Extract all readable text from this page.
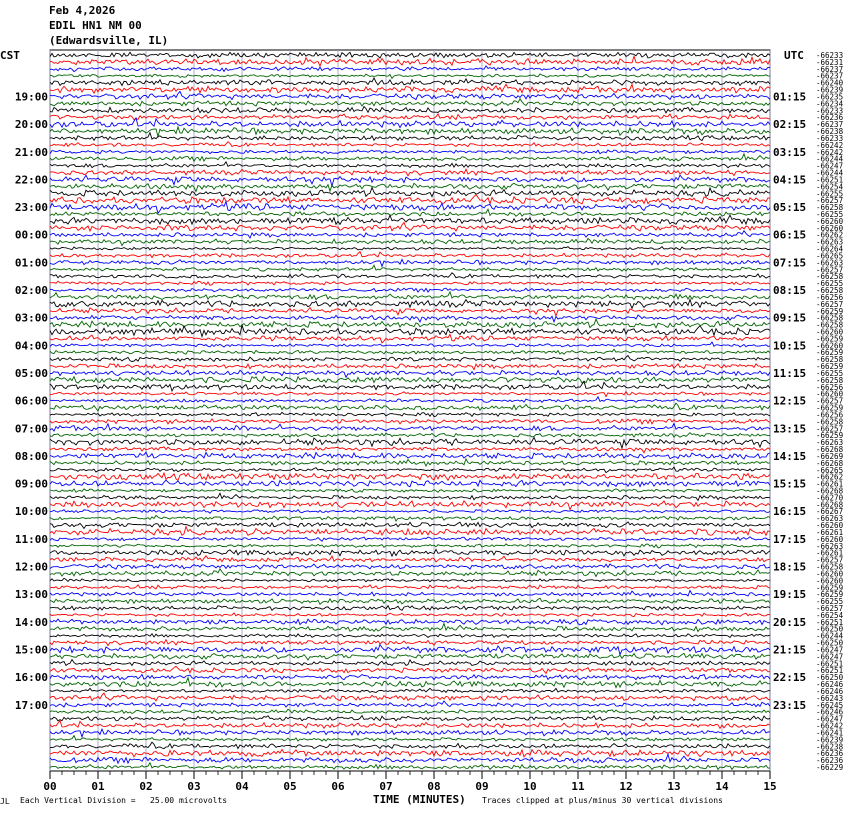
Feb 4,2026
EDIL HN1 NM 00
(Edwardsville, IL)
CST	UTC -66233
-66231
-66237
-66237
-66240
-66239
-66235
-66234
-66233
-66236
-66237
-66238
-66233
-66242
-66242
-66244
-66247
-66244
-66251
-66254
-66255
-66257
-66258
-66255
-66260
-66260
-66262
-66263
-66264
-66265
-66263
-66257
-66258
-66255
-66258
-66256
-66257
-66259
-66258
-66258
-66260
-66259
-66260
-66259
-66258
-66259
-66255
-66258
-66256
-66260
-66257
-66259
-66256
-66258
-66257
-66259
-66263
-66268
-66269
-66268
-66265
-66262
-66261
-66268
-66270
-66268
-66267
-66263
-66260
-66261
-66260
-66263
-66261
-66257
-66258
-66260
-66260
-66259
-66259
-66255
-66257
-66254
-66251
-66250
-66244
-66250
-66247
-66247
-66251
-66251
-66250
-66246
-66246
-66243
-66245
-66246
-66247
-66242
-66241
-66239
-66238
-66236
-66236
-66229
19:00	01:15
20:00	02:15
21:00	03:15
22:00	04:15
23:00	05:15
00:00	06:15
01:00	07:15
02:00	08:15
03:00	09:15
04:00	10:15
05:00	11:15
06:00	12:15
07:00	13:15
08:00	14:15
09:00	15:15
10:00	16:15
11:00	17:15
12:00	18:15
13:00	19:15
14:00	20:15
15:00	21:15
16:00	22:15
17:00	23:15
00	01	02	03	04	05	06	07	08	09	10	11	12	13	14	15
JL Each Vertical Division =   25.00 microvolts	TIME (MINUTES) Traces clipped at plus/minus 30 vertical divisions
